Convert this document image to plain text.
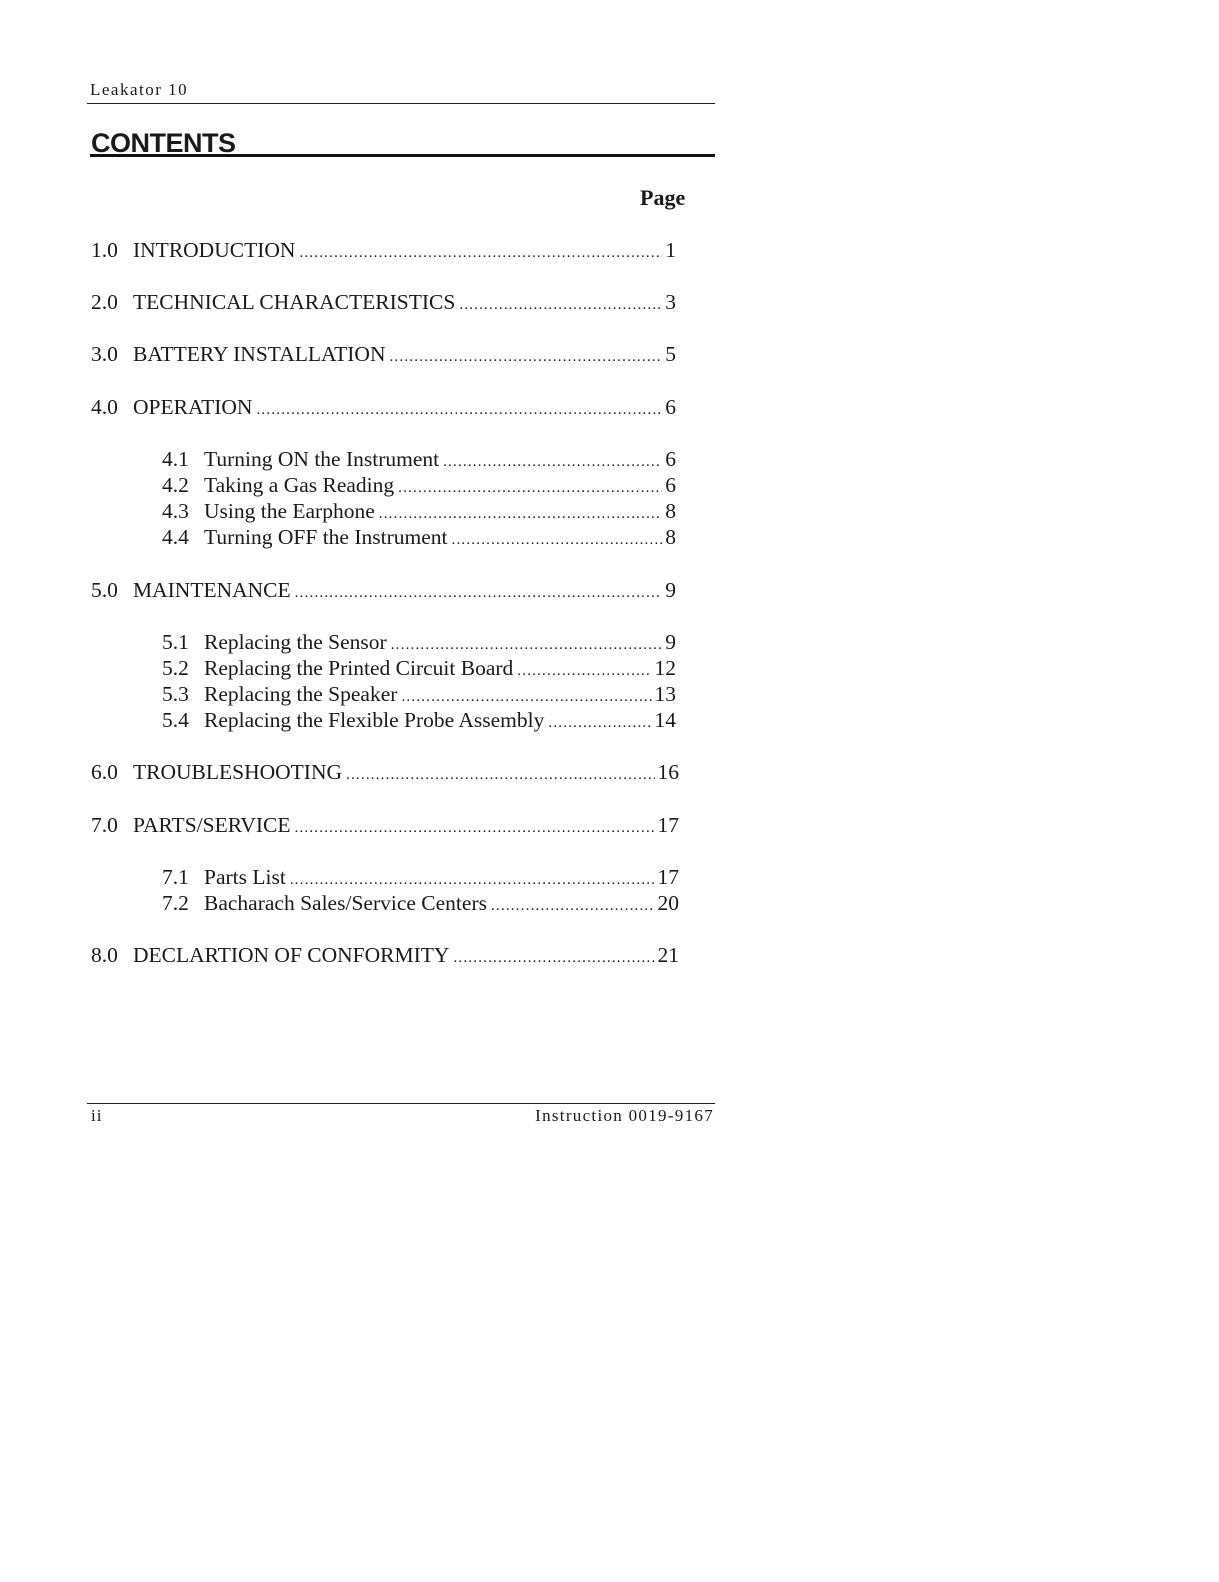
Leakator 10
CONTENTS
Page
1.0 INTRODUCTION .....	1
2.0 TECHNICAL CHARACTERISTICS .....	3
3.0 BATTERY INSTALLATION .....	5
4.0 OPERATION .....	6
4.1 Turning ON the Instrument .....	6
4.2 Taking a Gas Reading .....	6
4.3 Using the Earphone .....	8
4.4 Turning OFF the Instrument .....	8
5.0 MAINTENANCE .....	9
5.1 Replacing the Sensor .....	9
5.2 Replacing the Printed Circuit Board .....	12
5.3 Replacing the Speaker .....	13
5.4 Replacing the Flexible Probe Assembly .....	14
6.0 TROUBLESHOOTING .....	16
7.0 PARTS/SERVICE .....	17
7.1 Parts List .....	17
7.2 Bacharach Sales/Service Centers .....	20
8.0 DECLARTION OF CONFORMITY .....	21
ii	Instruction 0019-9167
